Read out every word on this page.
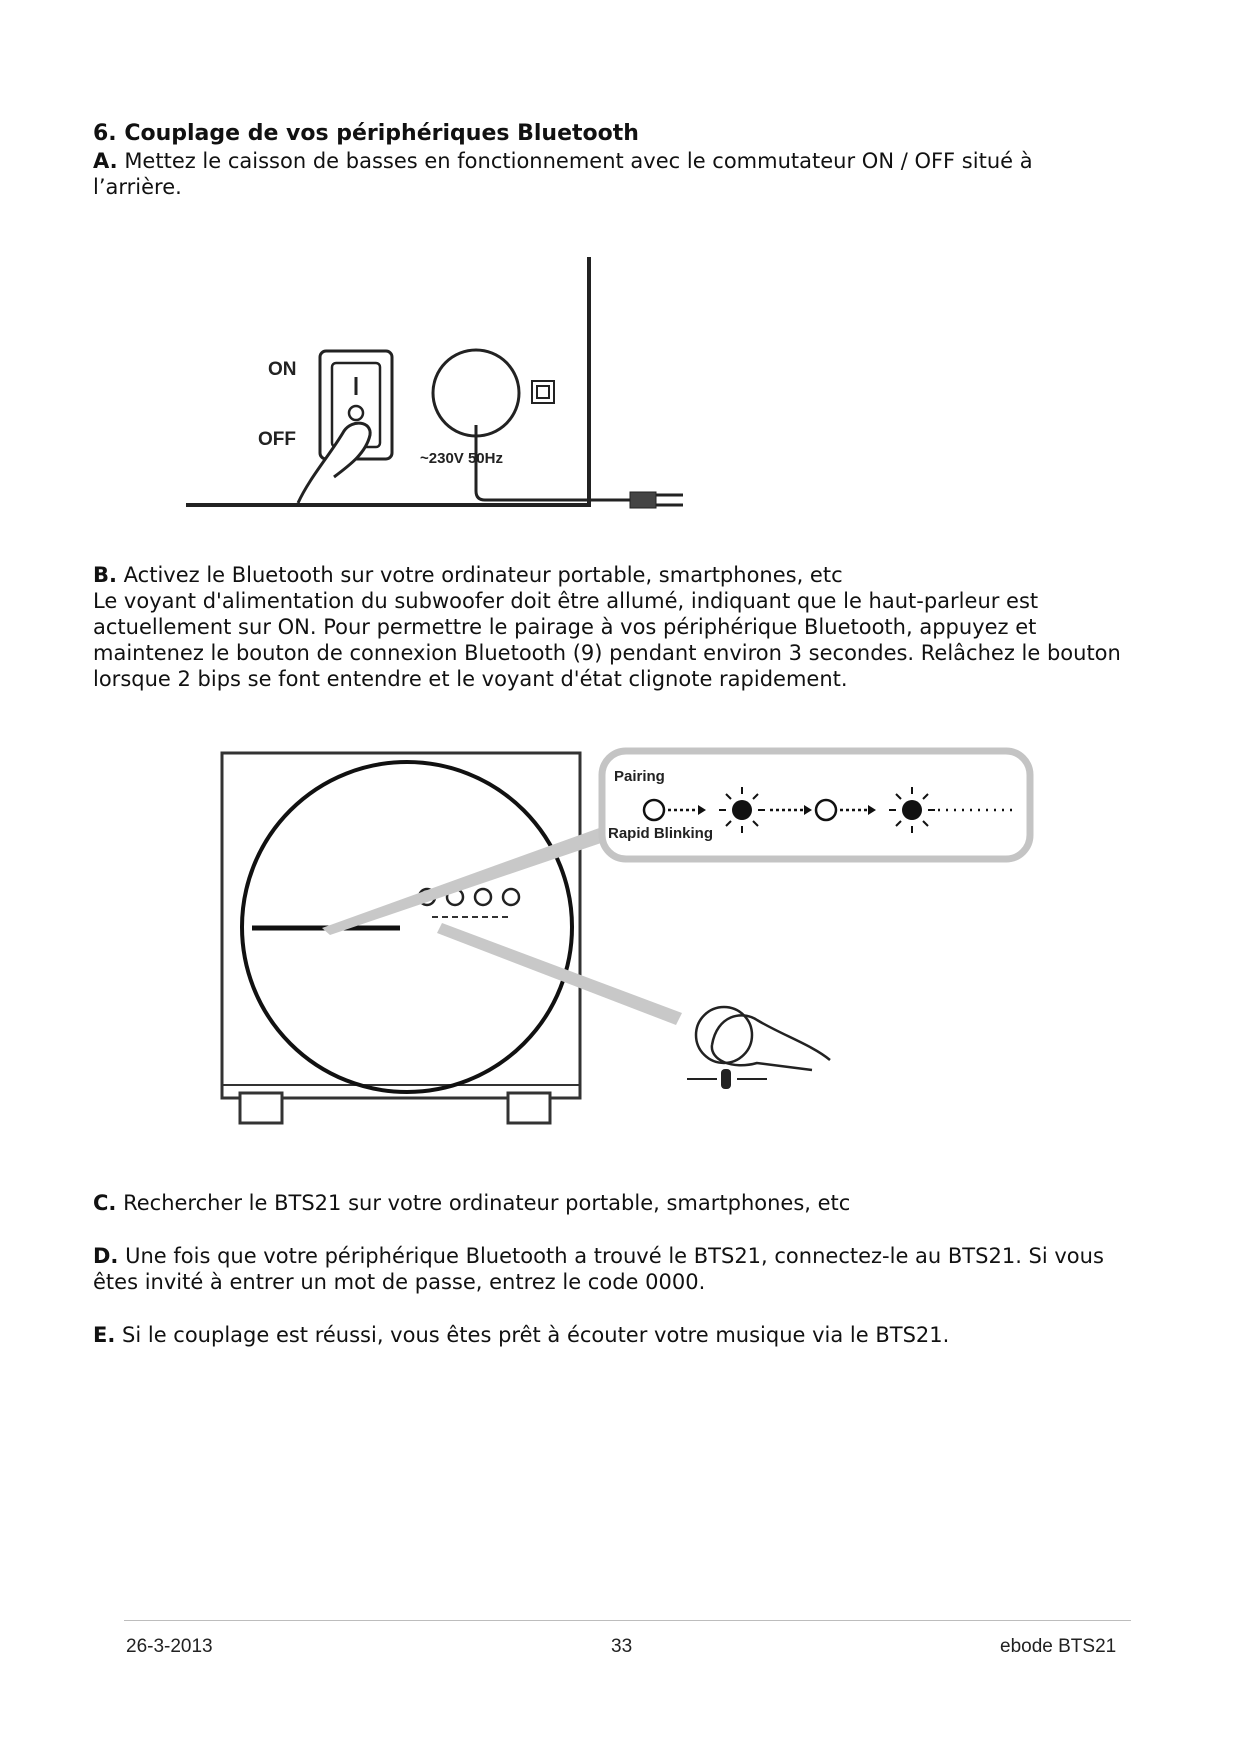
6. Couplage de vos périphériques Bluetooth
A. Mettez le caisson de basses en fonctionnement avec le commutateur ON / OFF situé à l’arrière.
ON
OFF
~230V 50Hz
B. Activez le Bluetooth sur votre ordinateur portable, smartphones, etc
Le voyant d'alimentation du subwoofer doit être allumé, indiquant que le haut-parleur est actuellement sur ON. Pour permettre le pairage à vos périphérique Bluetooth, appuyez et maintenez le bouton de connexion Bluetooth (9) pendant environ 3 secondes. Relâchez le bouton lorsque 2 bips se font entendre et le voyant d'état clignote rapidement.
Pairing
Rapid Blinking
C. Rechercher le BTS21 sur votre ordinateur portable, smartphones, etc
D. Une fois que votre périphérique Bluetooth a trouvé le BTS21, connectez-le au BTS21. Si vous êtes invité à entrer un mot de passe, entrez le code 0000.
E. Si le couplage est réussi, vous êtes prêt à écouter votre musique via le BTS21.
26-3-2013	33	ebode BTS21
